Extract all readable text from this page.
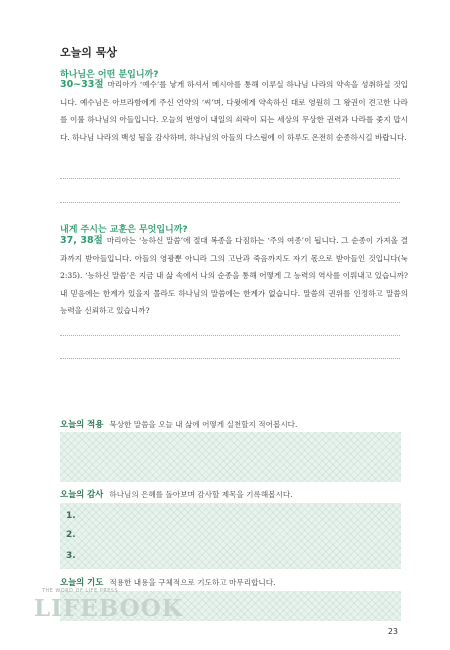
오늘의 묵상
하나님은 어떤 분입니까?
30~33절 마리아가 ‘예수’를 낳게 하셔서 메시아를 통해 이루실 하나님 나라의 약속을 성취하실 것입니다. 예수님은 아브라함에게 주신 언약의 ‘씨’며, 다윗에게 약속하신 대로 영원히 그 왕권이 견고한 나라를 이룰 하나님의 아들입니다. 오늘의 번영이 내일의 쇠락이 되는 세상의 무상한 권력과 나라를 좇지 맙시다. 하나님 나라의 백성 됨을 감사하며, 하나님의 아들의 다스림에 이 하루도 온전히 순종하시길 바랍니다.
내게 주시는 교훈은 무엇입니까?
37, 38절 마리아는 ‘능하신 말씀’에 절대 복종을 다짐하는 ‘주의 여종’이 됩니다. 그 순종이 가져올 결과까지 받아들입니다. 아들의 영광뿐 아니라 그의 고난과 죽음까지도 자기 몫으로 받아들인 것입니다(눅 2:35). ‘능하신 말씀’은 지금 내 삶 속에서 나의 순종을 통해 어떻게 그 능력의 역사를 이뤄내고 있습니까? 내 믿음에는 한계가 있을지 몰라도 하나님의 말씀에는 한계가 없습니다. 말씀의 권위를 인정하고 말씀의 능력을 신뢰하고 있습니까?
오늘의 적용 묵상한 말씀을 오늘 내 삶에 어떻게 실천할지 적어봅시다.
오늘의 감사 하나님의 은혜를 돌아보며 감사할 제목을 기록해봅시다.
1.
2.
3.
오늘의 기도 적용한 내용을 구체적으로 기도하고 마무리합니다.
THE WORD OF LIFE PRESS
LIFEBOOK
23
